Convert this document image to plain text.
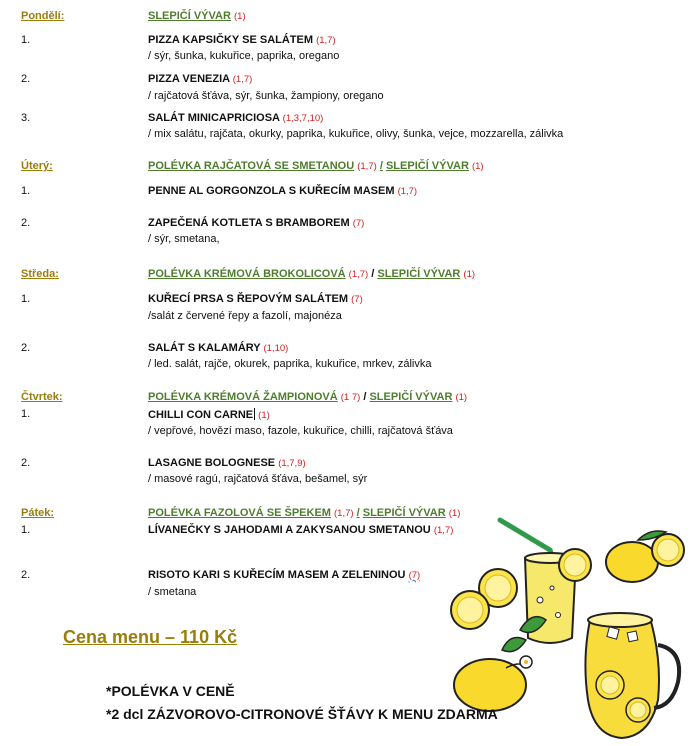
Pondělí:	SLEPIČÍ VÝVAR (1)
1.	PIZZA KAPSIČKY SE SALÁTEM (1,7)
/ sýr, šunka, kukuřice, paprika, oregano
2.	PIZZA VENEZIA (1,7)
/ rajčatová šťáva, sýr, šunka, žampiony, oregano
3.	SALÁT MINICAPRICIOSA (1,3,7,10)
/ mix salátu, rajčata, okurky, paprika, kukuřice, olivy, šunka, vejce, mozzarella, zálivka
Úterý:	POLÉVKA RAJČATOVÁ SE SMETANOU (1,7) / SLEPIČÍ VÝVAR (1)
1.	PENNE AL GORGONZOLA S KUŘECÍM MASEM (1,7)
2.	ZAPEČENÁ KOTLETA S BRAMBOREM (7)
/ sýr, smetana,
Středa:	POLÉVKA KRÉMOVÁ BROKOLICOVÁ (1,7) / SLEPIČÍ VÝVAR (1)
1.	KUŘECÍ PRSA S ŘEPOVÝM SALÁTEM (7)
/salát z červené řepy a fazolí, majonéza
2.	SALÁT S KALAMÁRY (1,10)
/ led. salát, rajče, okurek, paprika, kukuřice, mrkev, zálivka
Čtvrtek:	POLÉVKA KRÉMOVÁ ŽAMPIONOVÁ (1 7) / SLEPIČÍ VÝVAR (1)
1.	CHILLI CON CARNE (1)
/ vepřové, hovězí maso, fazole, kukuřice, chilli, rajčatová šťáva
2.	LASAGNE BOLOGNESE (1,7,9)
/ masové ragú, rajčatová šťáva, bešamel, sýr
Pátek:	POLÉVKA FAZOLOVÁ SE ŠPEKEM (1,7) / SLEPIČÍ VÝVAR (1)
1.	LÍVANEČKY S JAHODAMI A ZAKYSANOU SMETANOU (1,7)
2.	RISOTO KARI S KUŘECÍM MASEM A ZELENINOU (7)
/ smetana
Cena menu – 110 Kč
*POLÉVKA V CENĚ
*2 dcl ZÁZVOROVO-CITRONOVÉ ŠŤÁVY K MENU ZDARMA
